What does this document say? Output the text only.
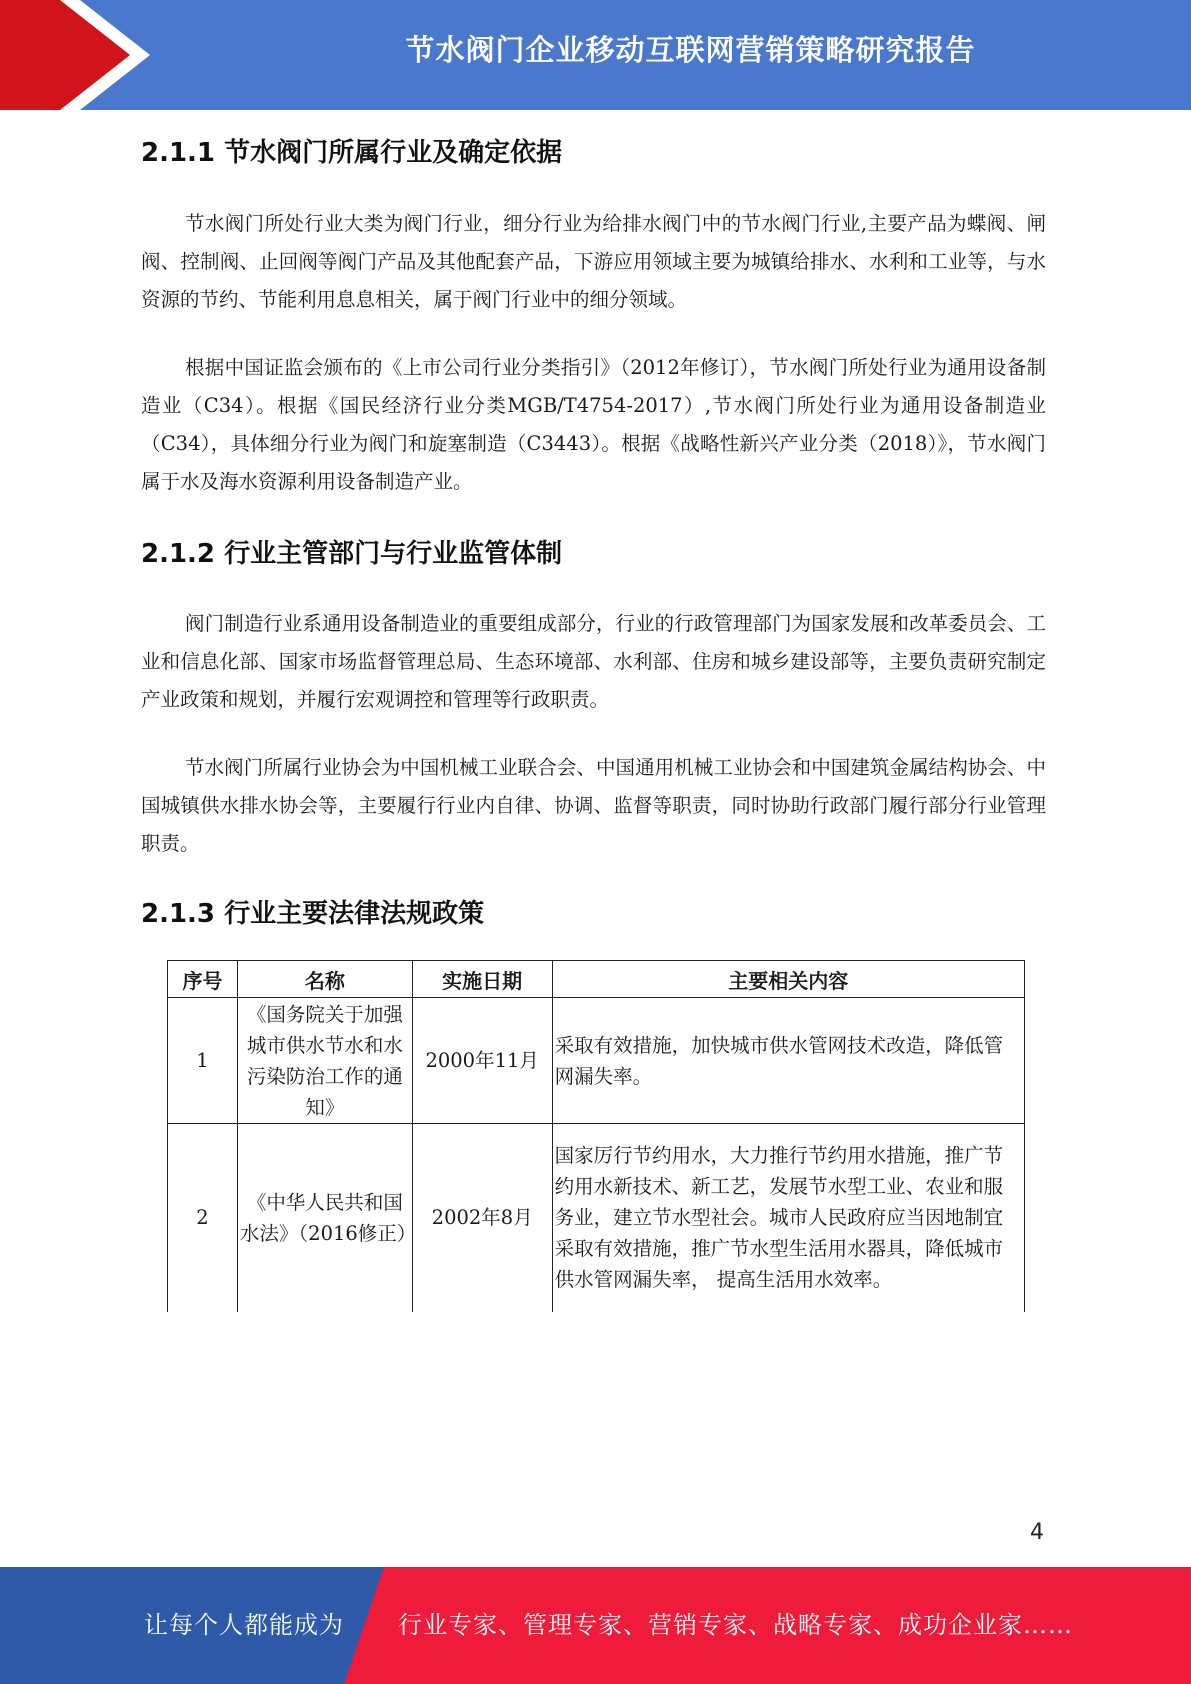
节水阀门企业移动互联网营销策略研究报告
2.1.1 节水阀门所属行业及确定依据
节水阀门所处行业大类为阀门行业，细分行业为给排水阀门中的节水阀门行业,主要产品为蝶阀、闸阀、控制阀、止回阀等阀门产品及其他配套产品，下游应用领域主要为城镇给排水、水利和工业等，与水资源的节约、节能利用息息相关，属于阀门行业中的细分领域。
根据中国证监会颁布的《上市公司行业分类指引》（2012年修订），节水阀门所处行业为通用设备制造业（C34）。根据《国民经济行业分类MGB/T4754-2017）,节水阀门所处行业为通用设备制造业（C34），具体细分行业为阀门和旋塞制造（C3443）。根据《战略性新兴产业分类（2018）》，节水阀门属于水及海水资源利用设备制造产业。
2.1.2 行业主管部门与行业监管体制
阀门制造行业系通用设备制造业的重要组成部分，行业的行政管理部门为国家发展和改革委员会、工业和信息化部、国家市场监督管理总局、生态环境部、水利部、住房和城乡建设部等，主要负责研究制定产业政策和规划，并履行宏观调控和管理等行政职责。
节水阀门所属行业协会为中国机械工业联合会、中国通用机械工业协会和中国建筑金属结构协会、中国城镇供水排水协会等，主要履行行业内自律、协调、监督等职责，同时协助行政部门履行部分行业管理职责。
2.1.3 行业主要法律法规政策
序号	名称	实施日期	主要相关内容
1	《国务院关于加强城市供水节水和水污染防治工作的通知》	2000年11月	采取有效措施，加快城市供水管网技术改造，降低管网漏失率。
2	《中华人民共和国水法》（2016修正）	2002年8月	国家厉行节约用水，大力推行节约用水措施，推广节约用水新技术、新工艺，发展节水型工业、农业和服务业，建立节水型社会。城市人民政府应当因地制宜采取有效措施，推广节水型生活用水器具，降低城市供水管网漏失率， 提高生活用水效率。
4
让每个人都能成为 行业专家、管理专家、营销专家、战略专家、成功企业家……
